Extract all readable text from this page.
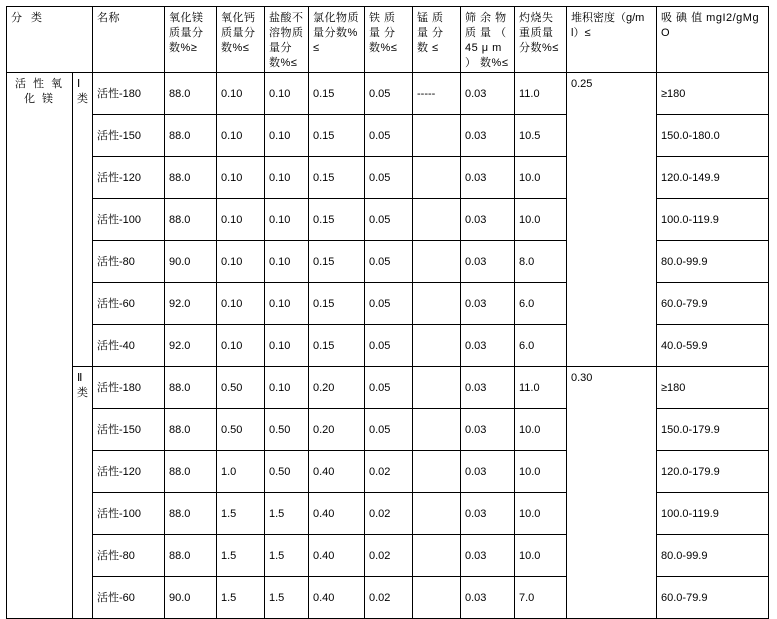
分 类		名称	氧化镁质量分数%≥	氧化钙质量分数%≤	盐酸不溶物质量分数%≤	氯化物质量分数%≤	铁 质 量 分 数%≤	锰 质 量 分 数 ≤	筛 余 物 质 量 （ 45 μ m ） 数%≤	灼烧失重质量分数%≤	堆积密度（g/ml）≤	吸 碘 值 mgI2/gMgO

活 性 氧 化 镁	Ⅰ类	活性-180	88.0	0.10	0.10	0.15	0.05	-----	0.03	11.0	0.25	≥180
		活性-150	88.0	0.10	0.10	0.15	0.05		0.03	10.5		150.0-180.0
		活性-120	88.0	0.10	0.10	0.15	0.05		0.03	10.0		120.0-149.9
		活性-100	88.0	0.10	0.10	0.15	0.05		0.03	10.0		100.0-119.9
		活性-80	90.0	0.10	0.10	0.15	0.05		0.03	8.0		80.0-99.9
		活性-60	92.0	0.10	0.10	0.15	0.05		0.03	6.0		60.0-79.9
		活性-40	92.0	0.10	0.10	0.15	0.05		0.03	6.0		40.0-59.9
	Ⅱ类	活性-180	88.0	0.50	0.10	0.20	0.05		0.03	11.0	0.30	≥180
		活性-150	88.0	0.50	0.50	0.20	0.05		0.03	10.0		150.0-179.9
		活性-120	88.0	1.0	0.50	0.40	0.02		0.03	10.0		120.0-179.9
		活性-100	88.0	1.5	1.5	0.40	0.02		0.03	10.0		100.0-119.9
		活性-80	88.0	1.5	1.5	0.40	0.02		0.03	10.0		80.0-99.9
		活性-60	90.0	1.5	1.5	0.40	0.02		0.03	7.0		60.0-79.9
